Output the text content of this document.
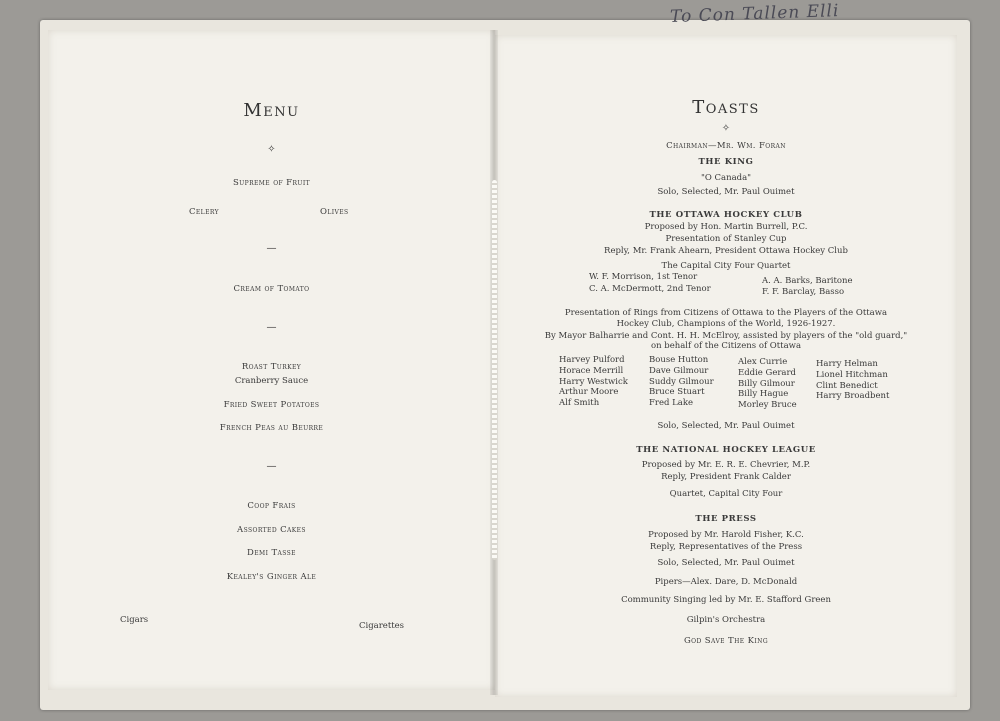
To Con Tallen Elli
Menu
✧
Supreme of Fruit
Celery	Olives
—
Cream of Tomato
—
Roast Turkey
Cranberry Sauce
Fried Sweet Potatoes
French Peas au Beurre
—
Coop Frais
Assorted Cakes
Demi Tasse
Kealey's Ginger Ale
Cigars
Cigarettes
Toasts
✧
Chairman—Mr. Wm. Foran
THE KING
"O Canada"
Solo, Selected, Mr. Paul Ouimet
THE OTTAWA HOCKEY CLUB
Proposed by Hon. Martin Burrell, P.C.
Presentation of Stanley Cup
Reply, Mr. Frank Ahearn, President Ottawa Hockey Club
The Capital City Four Quartet
W. F. Morrison, 1st Tenor
C. A. McDermott, 2nd Tenor
A. A. Barks, Baritone
F. F. Barclay, Basso
Presentation of Rings from Citizens of Ottawa to the Players of the Ottawa
Hockey Club, Champions of the World, 1926-1927.
By Mayor Balharrie and Cont. H. H. McElroy, assisted by players of the "old guard,"
on behalf of the Citizens of Ottawa
Harvey Pulford
Horace Merrill
Harry Westwick
Arthur Moore
Alf Smith
Bouse Hutton
Dave Gilmour
Suddy Gilmour
Bruce Stuart
Fred Lake
Alex Currie
Eddie Gerard
Billy Gilmour
Billy Hague
Morley Bruce
Harry Helman
Lionel Hitchman
Clint Benedict
Harry Broadbent
Solo, Selected, Mr. Paul Ouimet
THE NATIONAL HOCKEY LEAGUE
Proposed by Mr. E. R. E. Chevrier, M.P.
Reply, President Frank Calder
Quartet, Capital City Four
THE PRESS
Proposed by Mr. Harold Fisher, K.C.
Reply, Representatives of the Press
Solo, Selected, Mr. Paul Ouimet
Pipers—Alex. Dare, D. McDonald
Community Singing led by Mr. E. Stafford Green
Gilpin's Orchestra
God Save The King
